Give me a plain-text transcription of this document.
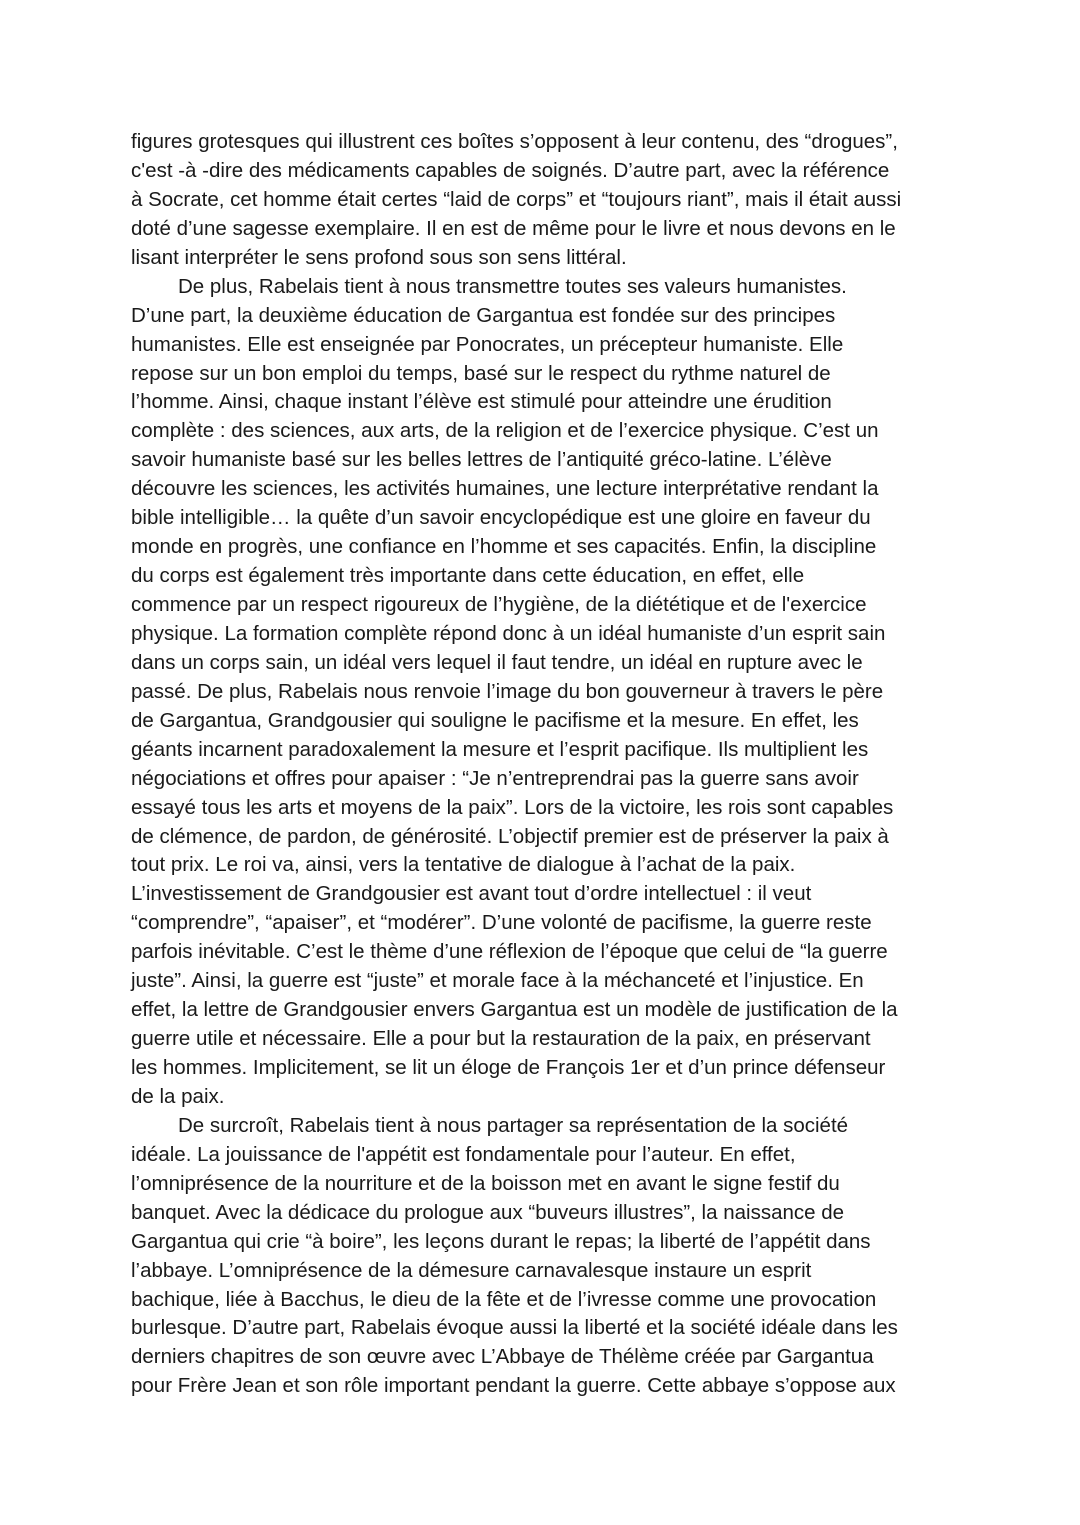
figures grotesques qui illustrent ces boîtes s’opposent à leur contenu, des “drogues”,
c'est -à -dire des médicaments capables de soignés. D’autre part, avec la référence
à Socrate, cet homme était certes “laid de corps” et “toujours riant”, mais il était aussi
doté d’une sagesse exemplaire. Il en est de même pour le livre et nous devons en le
lisant interpréter le sens profond sous son sens littéral.
De plus, Rabelais tient à nous transmettre toutes ses valeurs humanistes.
D’une part, la deuxième éducation de Gargantua est fondée sur des principes
humanistes. Elle est enseignée par Ponocrates, un précepteur humaniste. Elle
repose sur un bon emploi du temps, basé sur le respect du rythme naturel de
l’homme. Ainsi, chaque instant l’élève est stimulé pour atteindre une érudition
complète : des sciences, aux arts, de la religion et de l’exercice physique. C’est un
savoir humaniste basé sur les belles lettres de l’antiquité gréco-latine. L’élève
découvre les sciences, les activités humaines, une lecture interprétative rendant la
bible intelligible… la quête d’un savoir encyclopédique est une gloire en faveur du
monde en progrès, une confiance en l’homme et ses capacités. Enfin, la discipline
du corps est également très importante dans cette éducation, en effet, elle
commence par un respect rigoureux de l’hygiène, de la diététique et de l'exercice
physique. La formation complète répond donc à un idéal humaniste d’un esprit sain
dans un corps sain, un idéal vers lequel il faut tendre, un idéal en rupture avec le
passé. De plus, Rabelais nous renvoie l’image du bon gouverneur à travers le père
de Gargantua, Grandgousier qui souligne le pacifisme et la mesure. En effet, les
géants incarnent paradoxalement la mesure et l’esprit pacifique. Ils multiplient les
négociations et offres pour apaiser : “Je n’entreprendrai pas la guerre sans avoir
essayé tous les arts et moyens de la paix”. Lors de la victoire, les rois sont capables
de clémence, de pardon, de générosité. L’objectif premier est de préserver la paix à
tout prix. Le roi va, ainsi, vers la tentative de dialogue à l’achat de la paix.
L’investissement de Grandgousier est avant tout d’ordre intellectuel : il veut
“comprendre”, “apaiser”, et “modérer”. D’une volonté de pacifisme, la guerre reste
parfois inévitable. C’est le thème d’une réflexion de l’époque que celui de “la guerre
juste”. Ainsi, la guerre est “juste” et morale face à la méchanceté et l’injustice. En
effet, la lettre de Grandgousier envers Gargantua est un modèle de justification de la
guerre utile et nécessaire. Elle a pour but la restauration de la paix, en préservant
les hommes. Implicitement, se lit un éloge de François 1er et d’un prince défenseur
de la paix.
De surcroît, Rabelais tient à nous partager sa représentation de la société
idéale. La jouissance de l'appétit est fondamentale pour l’auteur. En effet,
l’omniprésence de la nourriture et de la boisson met en avant le signe festif du
banquet. Avec la dédicace du prologue aux “buveurs illustres”, la naissance de
Gargantua qui crie “à boire”, les leçons durant le repas; la liberté de l’appétit dans
l’abbaye. L’omniprésence de la démesure carnavalesque instaure un esprit
bachique, liée à Bacchus, le dieu de la fête et de l’ivresse comme une provocation
burlesque. D’autre part, Rabelais évoque aussi la liberté et la société idéale dans les
derniers chapitres de son œuvre avec L’Abbaye de Thélème créée par Gargantua
pour Frère Jean et son rôle important pendant la guerre. Cette abbaye s’oppose aux
